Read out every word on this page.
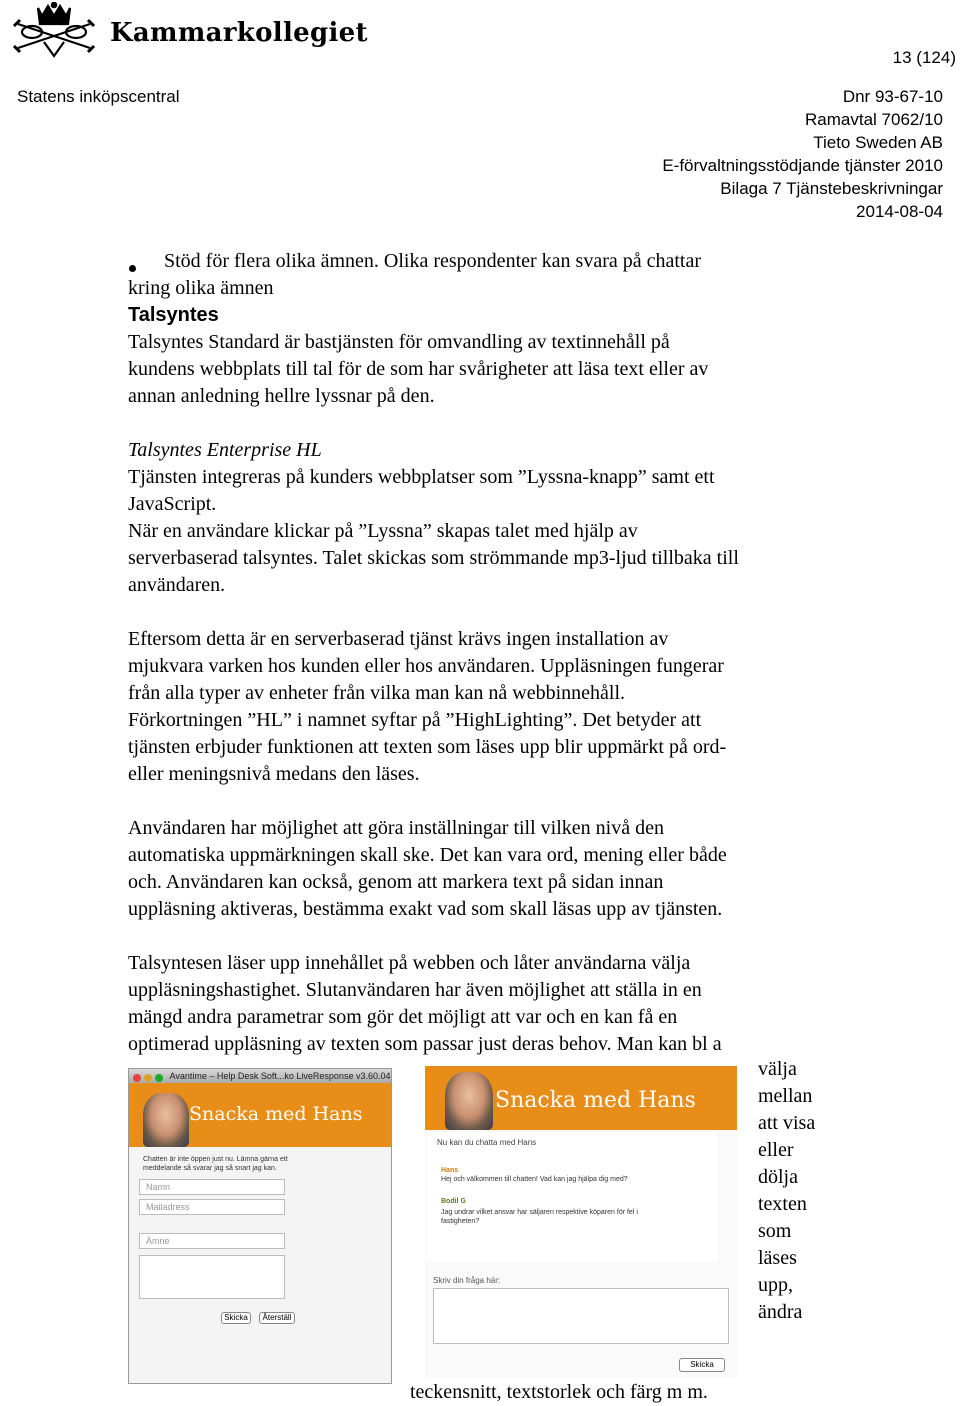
Kammarkollegiet
13 (124)
Statens inköpscentral	Dnr 93-67-10
Ramavtal 7062/10
Tieto Sweden AB
E-förvaltningsstödjande tjänster 2010
Bilaga 7 Tjänstebeskrivningar
2014-08-04
Stöd för flera olika ämnen. Olika respondenter kan svara på chattar
kring olika ämnen
Talsyntes

Talsyntes Standard är bastjänsten för omvandling av textinnehåll på

kundens webbplats till tal för de som har svårigheter att läsa text eller av

annan anledning hellre lyssnar på den.

Talsyntes Enterprise HL

Tjänsten integreras på kunders webbplatser som ”Lyssna-knapp” samt ett

JavaScript.

När en användare klickar på ”Lyssna” skapas talet med hjälp av

serverbaserad talsyntes. Talet skickas som strömmande mp3-ljud tillbaka till

användaren.

Eftersom detta är en serverbaserad tjänst krävs ingen installation av

mjukvara varken hos kunden eller hos användaren. Uppläsningen fungerar

från alla typer av enheter från vilka man kan nå webbinnehåll.

Förkortningen ”HL” i namnet syftar på ”HighLighting”. Det betyder att

tjänsten erbjuder funktionen att texten som läses upp blir uppmärkt på ord-

eller meningsnivå medans den läses.

Användaren har möjlighet att göra inställningar till vilken nivå den

automatiska uppmärkningen skall ske. Det kan vara ord, mening eller både

och. Användaren kan också, genom att markera text på sidan innan

uppläsning aktiveras, bestämma exakt vad som skall läsas upp av tjänsten.

Talsyntesen läser upp innehållet på webben och låter användarna välja

uppläsningshastighet. Slutanvändaren har även möjlighet att ställa in en

mängd andra parametrar som gör det möjligt att var och en kan få en

optimerad uppläsning av texten som passar just deras behov. Man kan bl a

välja
mellan
att visa
eller
dölja
texten
som
läses
upp,
ändra
teckensnitt, textstorlek och färg m m.
Avantime – Help Desk Soft...ko LiveResponse v3.60.04
Snacka med Hans
Chatten är inte öppen just nu. Lämna gärna ett meddelande så svarar jag så snart jag kan.
Namn
Mailadress
Ämne
Skicka	Återställ
Snacka med Hans
Nu kan du chatta med Hans
Hans
Hej och välkommen till chatten! Vad kan jag hjälpa dig med?
Bodil G
Jag undrar vilket ansvar har säljaren respektive köparen för fel i fastigheten?
Skriv din fråga här:
Skicka
